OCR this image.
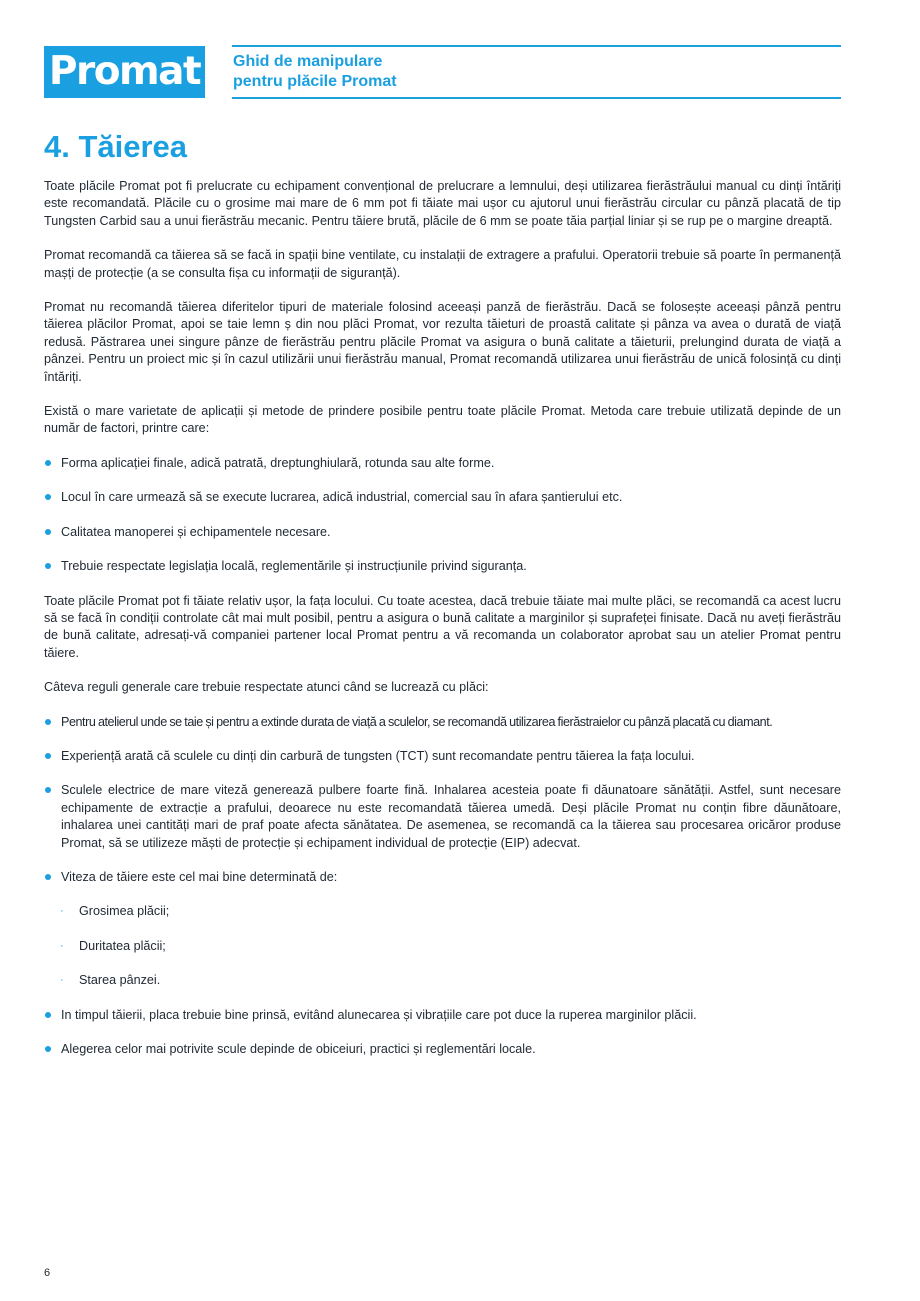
Promat	Ghid de manipulare
pentru plăcile Promat
4. Tăierea

Toate plăcile Promat pot fi prelucrate cu echipament convențional de prelucrare a lemnului, deși utilizarea fierăstrăului manual cu dinți întăriți este recomandată. Plăcile cu o grosime mai mare de 6 mm pot fi tăiate mai ușor cu ajutorul unui fierăstrău circular cu pânză placată de tip Tungsten Carbid sau a unui fierăstrău mecanic. Pentru tăiere brută, plăcile de 6 mm se poate tăia parțial liniar și se rup pe o margine dreaptă.

Promat recomandă ca tăierea să se facă in spații bine ventilate, cu instalații de extragere a prafului. Operatorii trebuie să poarte în permanență mașți de protecție (a se consulta fișa cu informații de siguranță).

Promat nu recomandă tăierea diferitelor tipuri de materiale folosind aceeași panză de fierăstrău. Dacă se folosește aceeași pânză pentru tăierea plăcilor Promat, apoi se taie lemn ș din nou plăci Promat, vor rezulta tăieturi de proastă calitate și pânza va avea o durată de viață redusă. Păstrarea unei singure pânze de fierăstrău pentru plăcile Promat va asigura o bună calitate a tăieturii, prelungind durata de viață a pânzei. Pentru un proiect mic și în cazul utilizării unui fierăstrău manual, Promat recomandă utilizarea unui fierăstrău de unică folosință cu dinți întăriți.

Există o mare varietate de aplicații și metode de prindere posibile pentru toate plăcile Promat. Metoda care trebuie utilizată depinde de un număr de factori, printre care:

Forma aplicației finale, adică patrată, dreptunghiulară, rotunda sau alte forme.
Locul în care urmează să se execute lucrarea, adică industrial, comercial sau în afara șantierului etc.
Calitatea manoperei și echipamentele necesare.
Trebuie respectate legislația locală, reglementările și instrucțiunile privind siguranța.

Toate plăcile Promat pot fi tăiate relativ ușor, la fața locului. Cu toate acestea, dacă trebuie tăiate mai multe plăci, se recomandă ca acest lucru să se facă în condiții controlate cât mai mult posibil, pentru a asigura o bună calitate a marginilor și suprafeței finisate. Dacă nu aveți fierăstrău de bună calitate, adresați-vă companiei partener local Promat pentru a vă recomanda un colaborator aprobat sau un atelier Promat pentru tăiere.

Câteva reguli generale care trebuie respectate atunci când se lucrează cu plăci:

Pentru atelierul unde se taie și pentru a extinde durata de viață a sculelor, se recomandă utilizarea fierăstraielor cu pânză placată cu diamant.
Experiență arată că sculele cu dinți din carbură de tungsten (TCT) sunt recomandate pentru tăierea la fața locului.
Sculele electrice de mare viteză generează pulbere foarte fină. Inhalarea acesteia poate fi dăunatoare sănătății. Astfel, sunt necesare echipamente de extracție a prafului, deoarece nu este recomandată tăierea umedă. Deși plăcile Promat nu conțin fibre dăunătoare, inhalarea unei cantități mari de praf poate afecta sănătatea. De asemenea, se recomandă ca la tăierea sau procesarea oricăror produse Promat, să se utilizeze măști de protecție și echipament individual de protecție (EIP) adecvat.
Viteza de tăiere este cel mai bine determinată de:
· Grosimea plăcii;
· Duritatea plăcii;
· Starea pânzei.
In timpul tăierii, placa trebuie bine prinsă, evitând alunecarea și vibrațiile care pot duce la ruperea marginilor plăcii.
Alegerea celor mai potrivite scule depinde de obiceiuri, practici și reglementări locale.
6
